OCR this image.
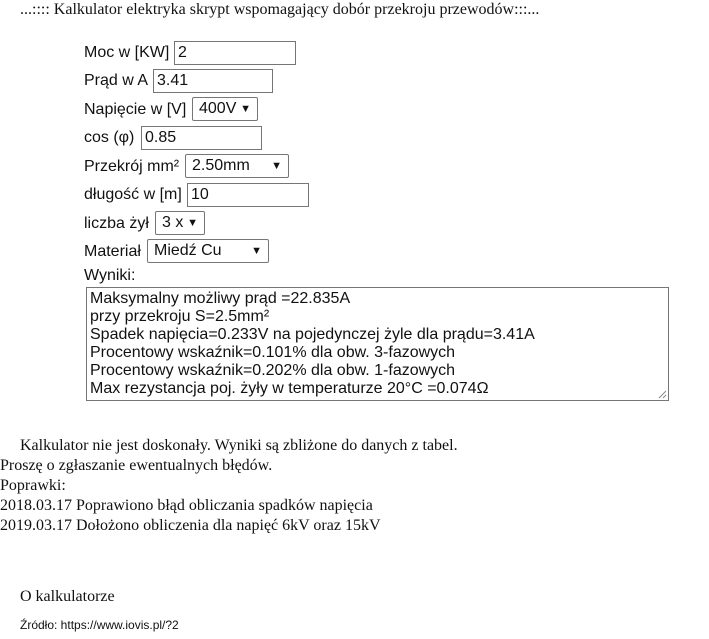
...:::: Kalkulator elektryka skrypt wspomagający dobór przekroju przewodów:::...
Moc w [KW]
2
Prąd w A
3.41
Napięcie w [V] 400V ▼
cos (φ)
0.85
Przekrój mm² 2.50mm ▼
długość w [m]
10
liczba żył 3 x ▼
Materiał Miedź Cu	▼
Wyniki:
Maksymalny możliwy prąd =22.835A
przy przekroju S=2.5mm²
Spadek napięcia=0.233V na pojedynczej żyle dla prądu=3.41A
Procentowy wskaźnik=0.101% dla obw. 3-fazowych
Procentowy wskaźnik=0.202% dla obw. 1-fazowych
Max rezystancja poj. żyły w temperaturze 20°C =0.074Ω
Kalkulator nie jest doskonały. Wyniki są zbliżone do danych z tabel.
Proszę o zgłaszanie ewentualnych błędów.
Poprawki:
2018.03.17 Poprawiono błąd obliczania spadków napięcia
2019.03.17 Dołożono obliczenia dla napięć 6kV oraz 15kV
O kalkulatorze
Źródło: https://www.iovis.pl/?2
